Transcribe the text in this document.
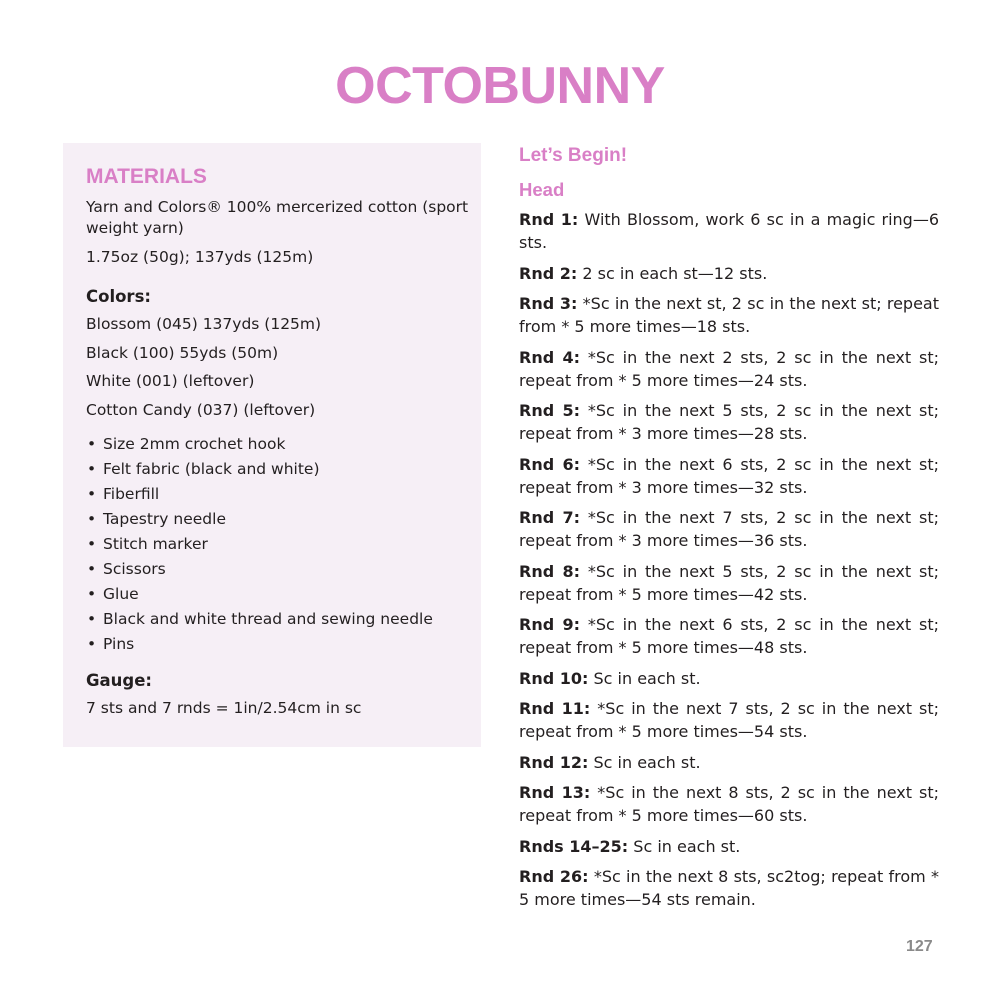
OCTOBUNNY
MATERIALS

Yarn and Colors® 100% mercerized cotton (sport weight yarn)

1.75oz (50g); 137yds (125m)

Colors:

Blossom (045) 137yds (125m)

Black (100) 55yds (50m)

White (001) (leftover)

Cotton Candy (037) (leftover)

• Size 2mm crochet hook
• Felt fabric (black and white)
• Fiberfill
• Tapestry needle
• Stitch marker
• Scissors
• Glue
• Black and white thread and sewing needle
• Pins
Gauge:

7 sts and 7 rnds = 1in/2.54cm in sc

Let’s Begin!
Head

Rnd 1: With Blossom, work 6 sc in a magic ring—6 sts.

Rnd 2: 2 sc in each st—12 sts.

Rnd 3: *Sc in the next st, 2 sc in the next st; repeat from * 5 more times—18 sts.

Rnd 4: *Sc in the next 2 sts, 2 sc in the next st; repeat from * 5 more times—24 sts.

Rnd 5: *Sc in the next 5 sts, 2 sc in the next st; repeat from * 3 more times—28 sts.

Rnd 6: *Sc in the next 6 sts, 2 sc in the next st; repeat from * 3 more times—32 sts.

Rnd 7: *Sc in the next 7 sts, 2 sc in the next st; repeat from * 3 more times—36 sts.

Rnd 8: *Sc in the next 5 sts, 2 sc in the next st; repeat from * 5 more times—42 sts.

Rnd 9: *Sc in the next 6 sts, 2 sc in the next st; repeat from * 5 more times—48 sts.

Rnd 10: Sc in each st.

Rnd 11: *Sc in the next 7 sts, 2 sc in the next st; repeat from * 5 more times—54 sts.

Rnd 12: Sc in each st.

Rnd 13: *Sc in the next 8 sts, 2 sc in the next st; repeat from * 5 more times—60 sts.

Rnds 14–25: Sc in each st.

Rnd 26: *Sc in the next 8 sts, sc2tog; repeat from * 5 more times—54 sts remain.

127
